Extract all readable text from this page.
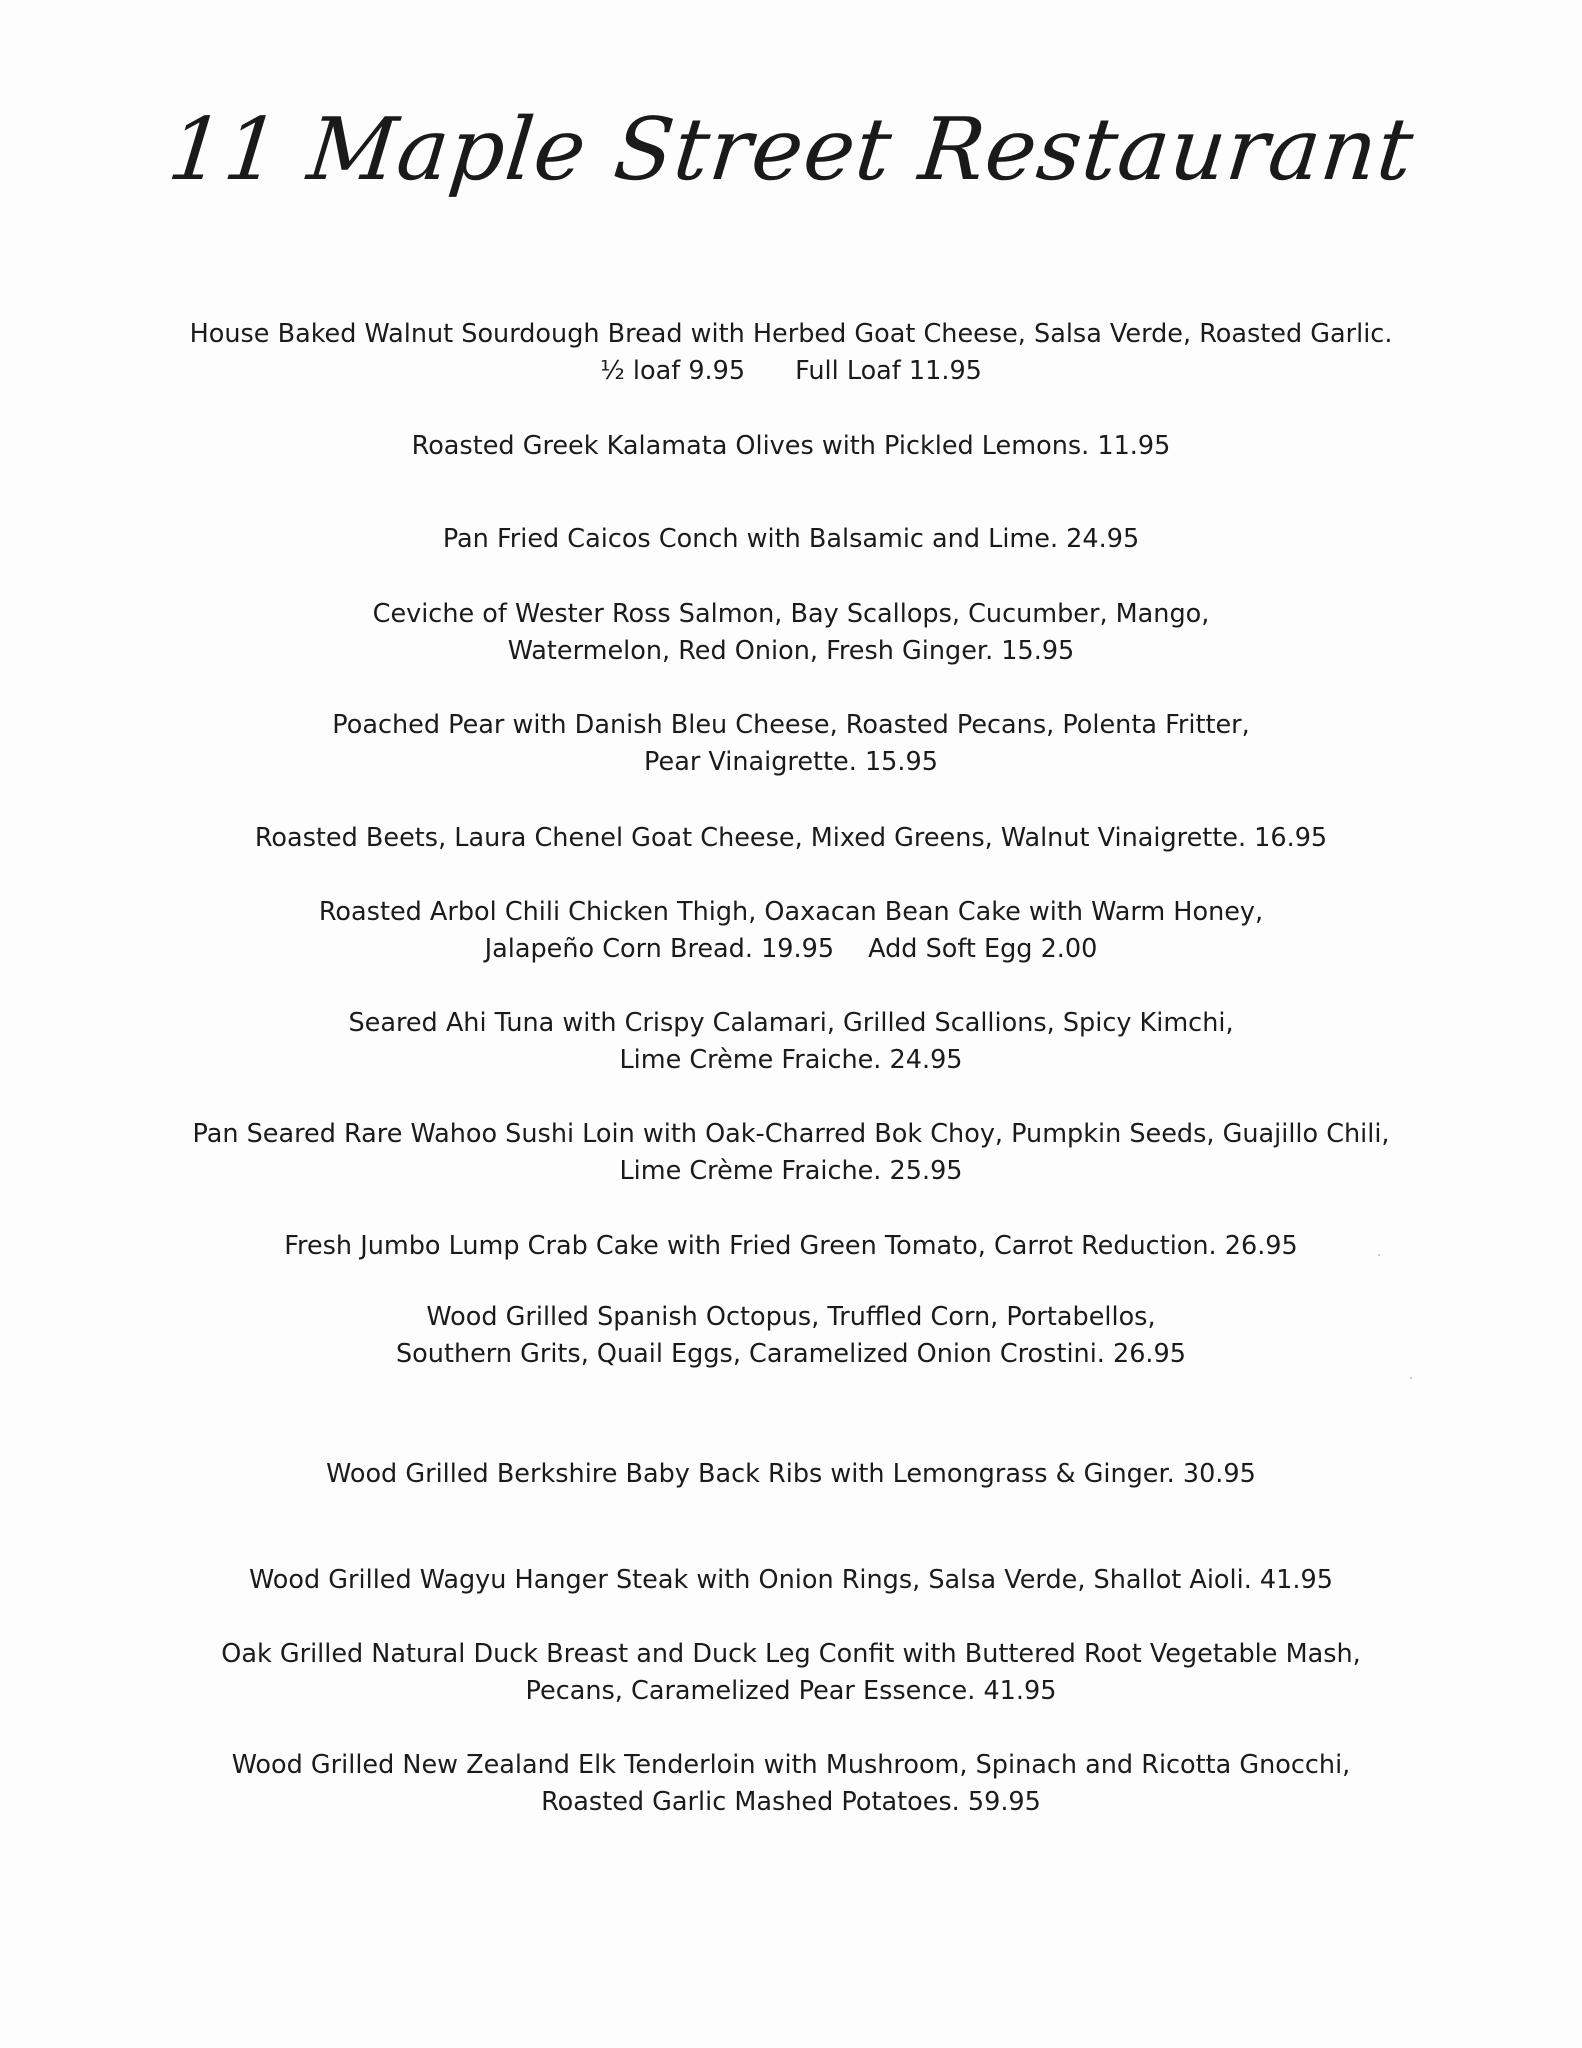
11 Maple Street Restaurant
House Baked Walnut Sourdough Bread with Herbed Goat Cheese, Salsa Verde, Roasted Garlic.
½ loaf 9.95 Full Loaf 11.95
Roasted Greek Kalamata Olives with Pickled Lemons. 11.95
Pan Fried Caicos Conch with Balsamic and Lime. 24.95
Ceviche of Wester Ross Salmon, Bay Scallops, Cucumber, Mango,
Watermelon, Red Onion, Fresh Ginger. 15.95
Poached Pear with Danish Bleu Cheese, Roasted Pecans, Polenta Fritter,
Pear Vinaigrette. 15.95
Roasted Beets, Laura Chenel Goat Cheese, Mixed Greens, Walnut Vinaigrette. 16.95
Roasted Arbol Chili Chicken Thigh, Oaxacan Bean Cake with Warm Honey,
Jalapeño Corn Bread. 19.95 Add Soft Egg 2.00
Seared Ahi Tuna with Crispy Calamari, Grilled Scallions, Spicy Kimchi,
Lime Crème Fraiche. 24.95
Pan Seared Rare Wahoo Sushi Loin with Oak-Charred Bok Choy, Pumpkin Seeds, Guajillo Chili,
Lime Crème Fraiche. 25.95
Fresh Jumbo Lump Crab Cake with Fried Green Tomato, Carrot Reduction. 26.95
Wood Grilled Spanish Octopus, Truffled Corn, Portabellos,
Southern Grits, Quail Eggs, Caramelized Onion Crostini. 26.95
Wood Grilled Berkshire Baby Back Ribs with Lemongrass & Ginger. 30.95
Wood Grilled Wagyu Hanger Steak with Onion Rings, Salsa Verde, Shallot Aioli. 41.95
Oak Grilled Natural Duck Breast and Duck Leg Confit with Buttered Root Vegetable Mash,
Pecans, Caramelized Pear Essence. 41.95
Wood Grilled New Zealand Elk Tenderloin with Mushroom, Spinach and Ricotta Gnocchi,
Roasted Garlic Mashed Potatoes. 59.95
